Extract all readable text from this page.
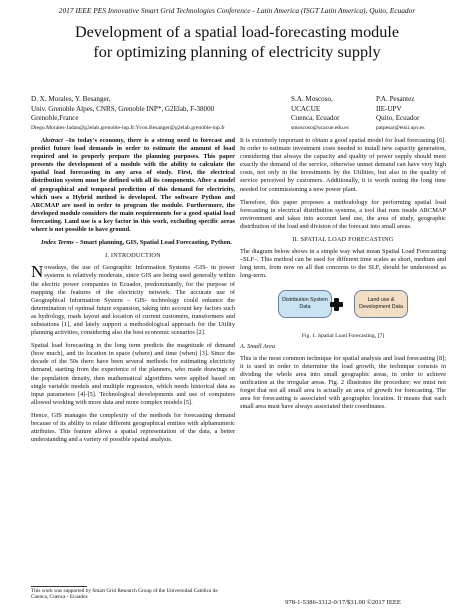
2017 IEEE PES Innovative Smart Grid Technologies Conference - Latin America (ISGT Latin America), Quito, Ecuador
Development of a spatial load-forecasting module
for optimizing planning of electricity supply
D. X. Morales, Y. Besanger,
Univ. Grenoble Alpes, CNRS, Grenoble INP*, G2Elab, F-38000
Grenoble,France
Diego.Morales-Jadan@g2elab.grenoble-inp.fr;Yvon.Besanger@g2elab.grenoble-inp.fr
S.A. Moscoso,
UCACUE
Cuenca, Ecuador
smoscoso@ucacue.edu.ec
P.A. Pesantez
IIE-UPV
Quito, Ecuador
patpesar@etsii.upv.es

Abstract –In today's economy, there is a strong need to forecast and predict future load demands in order to estimate the amount of load required and to properly prepare the planning purposes. This paper presents the development of a module with the ability to calculate the spatial load forecasting in any area of study. First, the electrical distribution system must be defined with all its components. After a model of geographical and temporal prediction of this demand for electricity, which uses a Hybrid method is developed. The software Python and ARCMAP are used in order to program the module. Furthermore, the developed module considers the main requirements for a good spatial load forecasting. Land use is a key factor in this work, excluding specific areas where is not possible to have ground.

Index Terms – Smart planning, GIS, Spatial Load Forecasting, Python.

I. INTRODUCTION

Nowadays, the use of Geographic Information Systems -GIS- in power systems is relatively moderate, since GIS are being used generally within the electric power companies in Ecuador, predominantly, for the purpose of mapping the features of the electricity network. The accurate use of Geographical Information System – GIS- technology could enhance the determination of optimal future expansion, taking into account key factors such as hydrology, roads layout and location of current customers, transformers and substations [1], and lately support a methodological approach for the Utility planning activities, considering also the best economic scenarios [2].

Spatial load forecasting in the long term predicts the magnitude of demand (how much), and its location in space (where) and time (when) [3]. Since the decade of the 50s there have been several methods for estimating electricity demand, starting from the experience of the planners, who made drawings of the population density, then mathematical algorithms were applied based on single variable models and multiple regression, which needs historical data as input parameters [4]-[5]. Technological developments and use of computers allowed working with more data and more complex models [5].

Hence, GIS manages the complexity of the methods for forecasting demand because of its ability to relate different geographical entities with alphanumeric attributes. This feature allows a spatial representation of the data, a better understanding and a variety of possible spatial analysis.

It is extremely important to obtain a good spatial model for load forecasting [6]. In order to estimate investment costs needed to install new capacity generation, considering that always the capacity and quality of power supply should meet exactly the demand of the service, otherwise unmet demand can have very high costs, not only in the investments by the Utilities, but also in the quality of service perceived by customers. Additionally, it is worth noting the long time needed for commissioning a new power plant.

Therefore, this paper proposes a methodology for performing spatial load forecasting in electrical distribution systems, a tool that runs inside ARCMAP environment and takes into account land use, the area of study, geographic distribution of the load and division of the forecast into small areas.

II. SPATIAL LOAD FORECASTING

The diagram below shows in a simple way what mean Spatial Load Forecasting –SLF–. This method can be used for different time scales as short, medium and long term, from now on all that concerns to the SLF, should be understood as long-term.

Distribution System Data
Land use & Development Data
Fig. 1. Spatial Load Forecasting, [7]
A. Small Area

This is the most common technique for spatial analysis and load forecasting [8]; it is used in order to determine the load growth, the technique consists in dividing the whole area into small geographic areas, in order to achieve unification at the irregular areas. Fig. 2 illustrates the procedure; we must not forget that not all small area is actually an area of growth for forecasting. The area for forecasting is associated with geographic location. It means that each small area must have always associated their coordinates.

This work was supported by Smart Grid Research Group of the Universidad Católica de Cuenca, Cuenca - Ecuador.
978-1-5386-3312-0/17/$31.00 ©2017 IEEE
